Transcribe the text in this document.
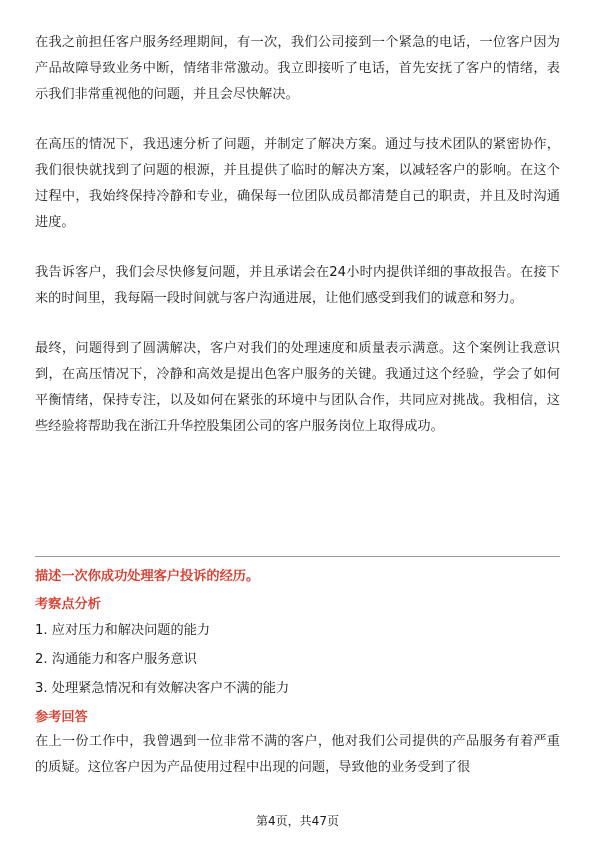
在我之前担任客户服务经理期间，有一次，我们公司接到一个紧急的电话，一位客户因为产品故障导致业务中断，情绪非常激动。我立即接听了电话，首先安抚了客户的情绪，表示我们非常重视他的问题，并且会尽快解决。

在高压的情况下，我迅速分析了问题，并制定了解决方案。通过与技术团队的紧密协作，我们很快就找到了问题的根源，并且提供了临时的解决方案，以减轻客户的影响。在这个过程中，我始终保持冷静和专业，确保每一位团队成员都清楚自己的职责，并且及时沟通进度。

我告诉客户，我们会尽快修复问题，并且承诺会在24小时内提供详细的事故报告。在接下来的时间里，我每隔一段时间就与客户沟通进展，让他们感受到我们的诚意和努力。

最终，问题得到了圆满解决，客户对我们的处理速度和质量表示满意。这个案例让我意识到，在高压情况下，冷静和高效是提出色客户服务的关键。我通过这个经验，学会了如何平衡情绪，保持专注，以及如何在紧张的环境中与团队合作，共同应对挑战。我相信，这些经验将帮助我在浙江升华控股集团公司的客户服务岗位上取得成功。

描述一次你成功处理客户投诉的经历。

考察点分析

1. 应对压力和解决问题的能力

2. 沟通能力和客户服务意识

3. 处理紧急情况和有效解决客户不满的能力

参考回答

在上一份工作中，我曾遇到一位非常不满的客户，他对我们公司提供的产品服务有着严重的质疑。这位客户因为产品使用过程中出现的问题，导致他的业务受到了很

第4页，共47页
